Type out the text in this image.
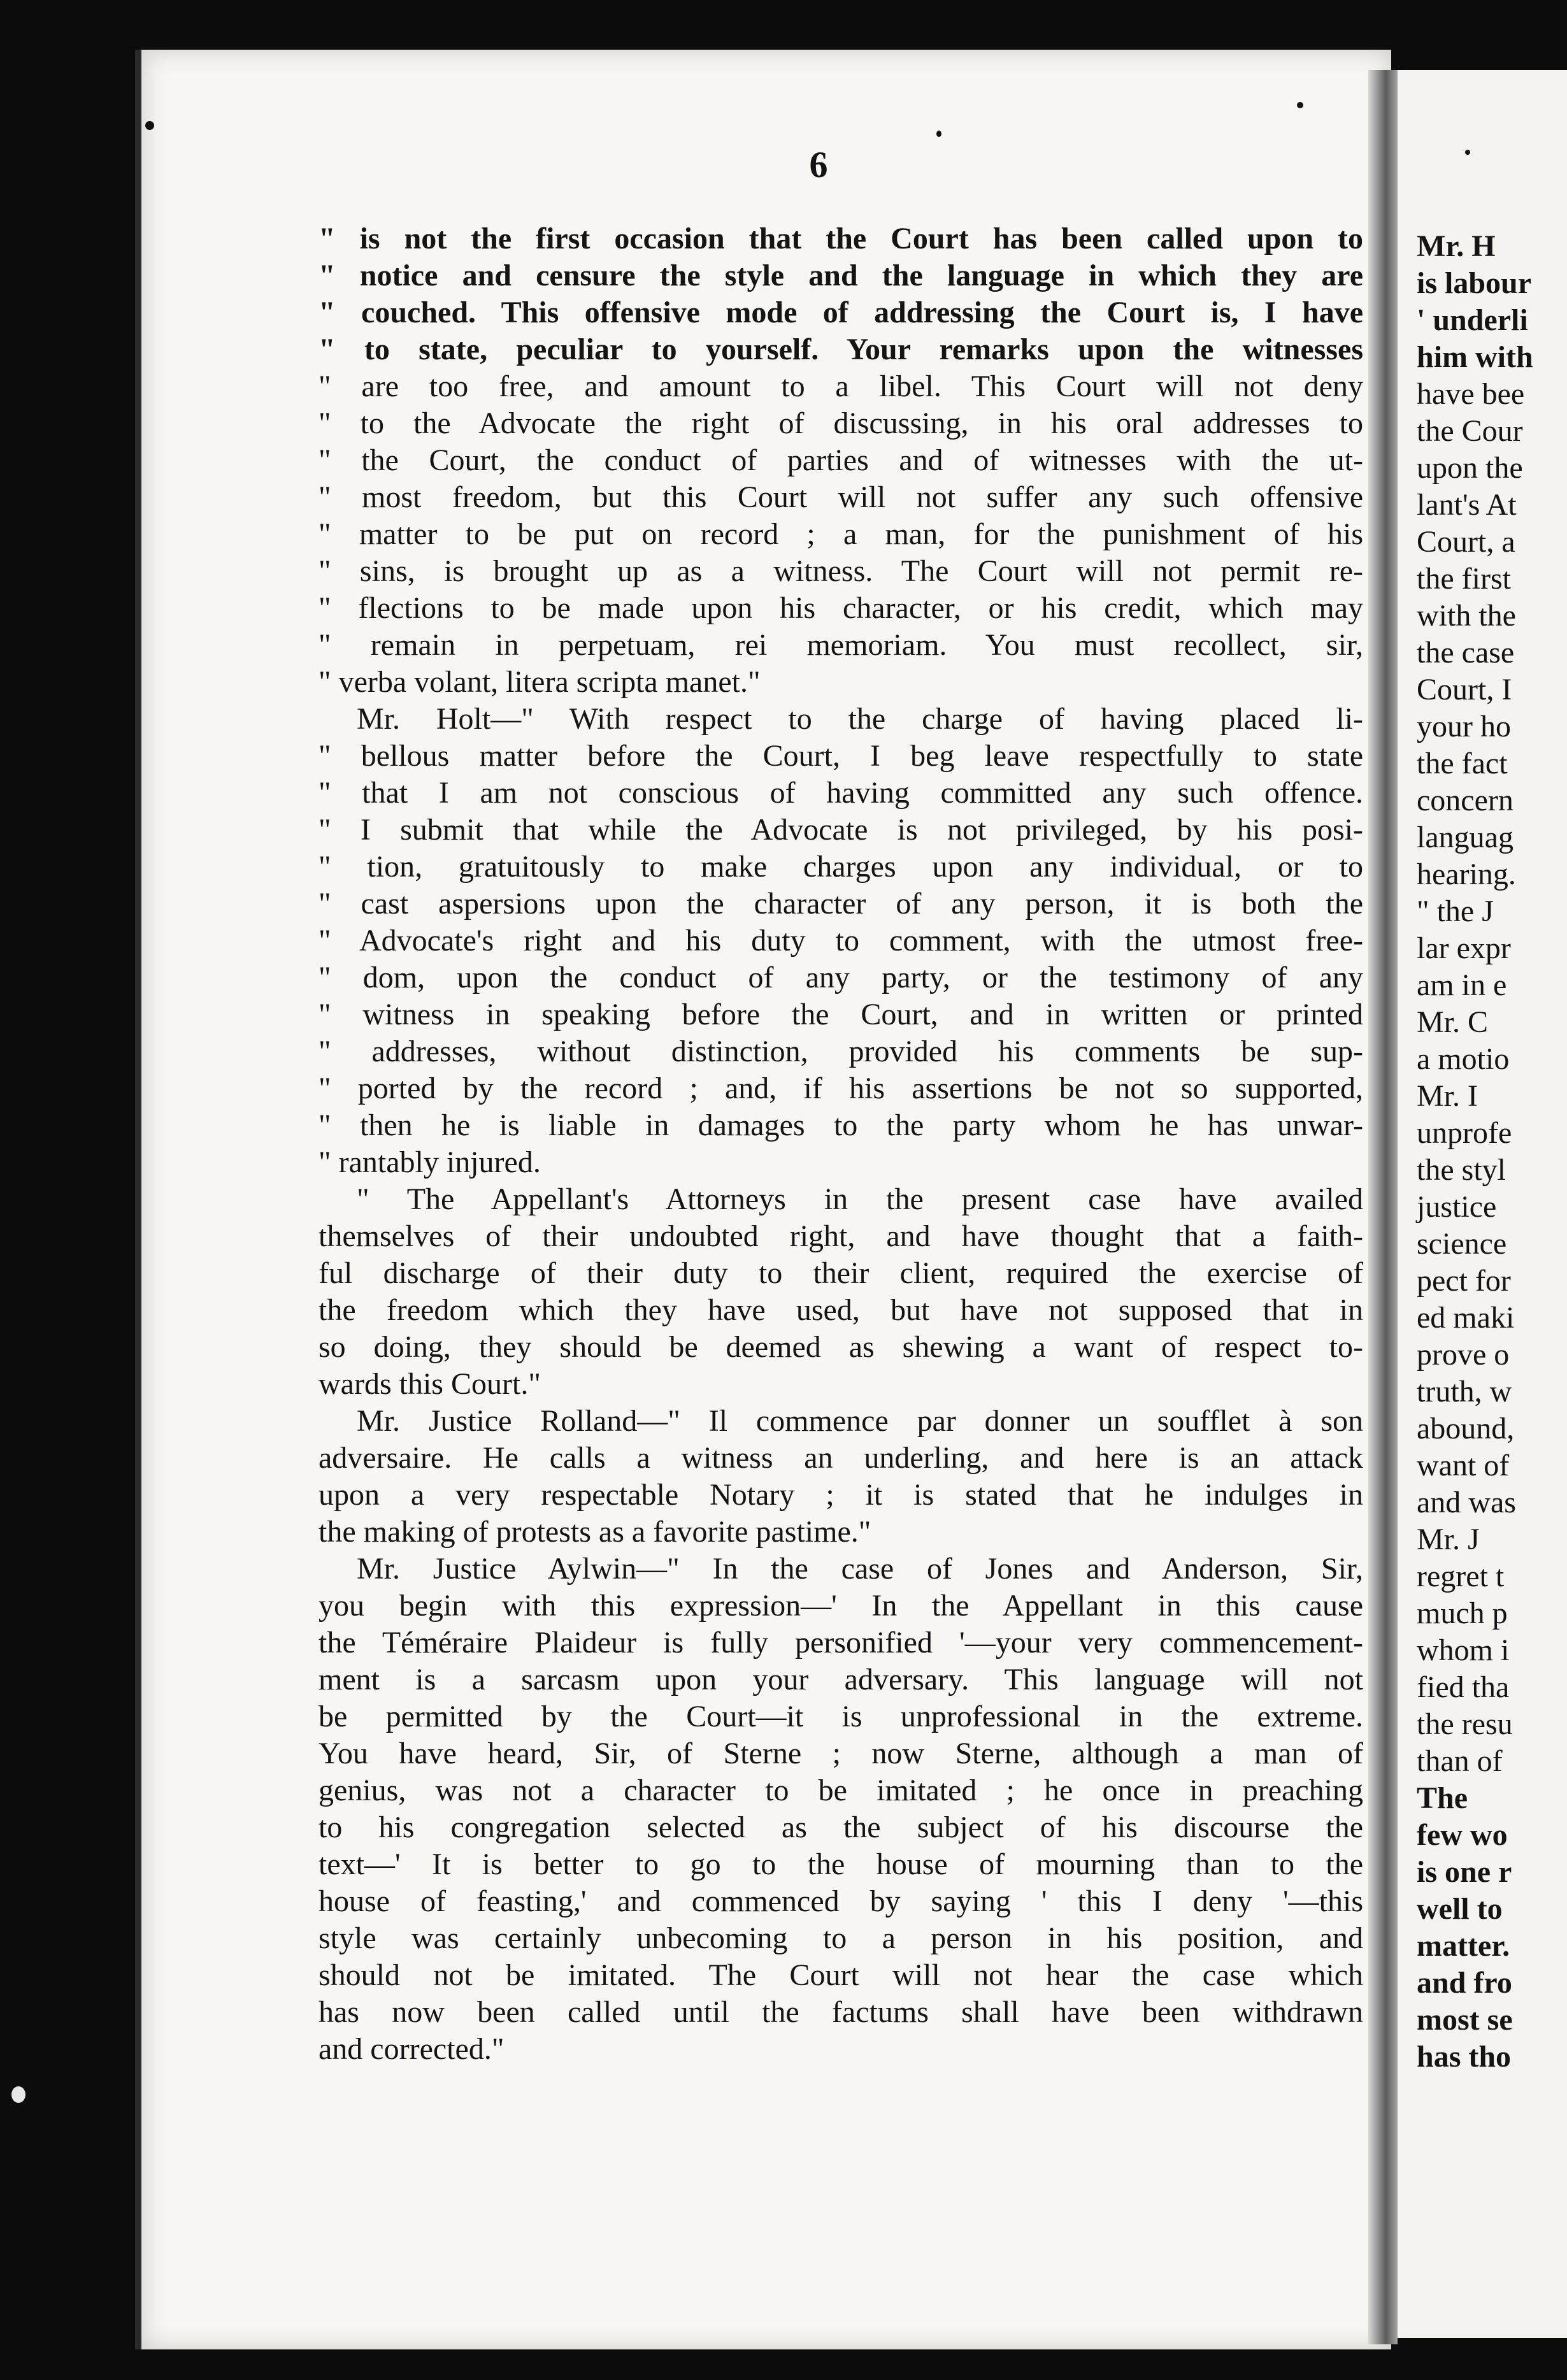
Mr. H
is labour
' underli
him with
have bee
the Cour
upon the
lant's At
Court, a
the first
with the
the case
Court, I
your ho
the fact
concern
languag
hearing.
" the J
lar expr
am in e
Mr. C
a motio
Mr. I
unprofe
the styl
justice
science
pect for
ed maki
prove o
truth, w
abound,
want of
and was
Mr. J
regret t
much p
whom i
fied tha
the resu
than of
The
few wo
is one r
well to
matter.
and fro
most se
has tho
6
" is not the first occasion that the Court has been called upon to
" notice and censure the style and the language in which they are
" couched. This offensive mode of addressing the Court is, I have
" to state, peculiar to yourself. Your remarks upon the witnesses
" are too free, and amount to a libel. This Court will not deny
" to the Advocate the right of discussing, in his oral addresses to
" the Court, the conduct of parties and of witnesses with the ut-
" most freedom, but this Court will not suffer any such offensive
" matter to be put on record ; a man, for the punishment of his
" sins, is brought up as a witness. The Court will not permit re-
" flections to be made upon his character, or his credit, which may
" remain in perpetuam, rei memoriam. You must recollect, sir,
" verba volant, litera scripta manet."
Mr. Holt—" With respect to the charge of having placed li-
" bellous matter before the Court, I beg leave respectfully to state
" that I am not conscious of having committed any such offence.
" I submit that while the Advocate is not privileged, by his posi-
" tion, gratuitously to make charges upon any individual, or to
" cast aspersions upon the character of any person, it is both the
" Advocate's right and his duty to comment, with the utmost free-
" dom, upon the conduct of any party, or the testimony of any
" witness in speaking before the Court, and in written or printed
" addresses, without distinction, provided his comments be sup-
" ported by the record ; and, if his assertions be not so supported,
" then he is liable in damages to the party whom he has unwar-
" rantably injured.
" The Appellant's Attorneys in the present case have availed
themselves of their undoubted right, and have thought that a faith-
ful discharge of their duty to their client, required the exercise of
the freedom which they have used, but have not supposed that in
so doing, they should be deemed as shewing a want of respect to-
wards this Court."
Mr. Justice Rolland—" Il commence par donner un soufflet à son
adversaire. He calls a witness an underling, and here is an attack
upon a very respectable Notary ; it is stated that he indulges in
the making of protests as a favorite pastime."
Mr. Justice Aylwin—" In the case of Jones and Anderson, Sir,
you begin with this expression—' In the Appellant in this cause
the Téméraire Plaideur is fully personified '—your very commencement-
ment is a sarcasm upon your adversary. This language will not
be permitted by the Court—it is unprofessional in the extreme.
You have heard, Sir, of Sterne ; now Sterne, although a man of
genius, was not a character to be imitated ; he once in preaching
to his congregation selected as the subject of his discourse the
text—' It is better to go to the house of mourning than to the
house of feasting,' and commenced by saying ' this I deny '—this
style was certainly unbecoming to a person in his position, and
should not be imitated. The Court will not hear the case which
has now been called until the factums shall have been withdrawn
and corrected."
